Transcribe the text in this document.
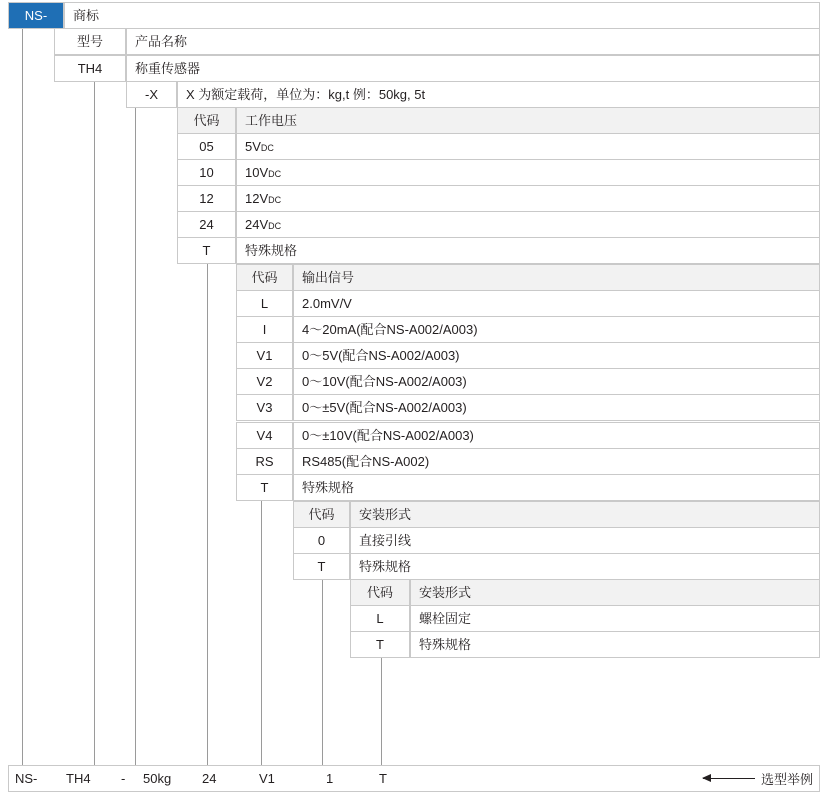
NS-	商标
型号	产品名称
TH4	称重传感器
-X	X 为额定载荷，单位为：kg,t 例：50kg, 5t
代码	工作电压
05	5V DC
10	10V DC
12	12V DC
24	24V DC
T	特殊规格
代码	输出信号
L	2.0mV/V
I	4～20mA(配合NS-A002/A003)
V1	0～5V(配合NS-A002/A003)
V2	0～10V(配合NS-A002/A003)
V3	0～±5V(配合NS-A002/A003)
V4	0～±10V(配合NS-A002/A003)
RS	RS485(配合NS-A002)
T	特殊规格
代码	安装形式
0	直接引线
T	特殊规格
代码	安装形式
L	螺栓固定
T	特殊规格
NS- TH4 - 50kg 24	V1	1	T	选型举例
